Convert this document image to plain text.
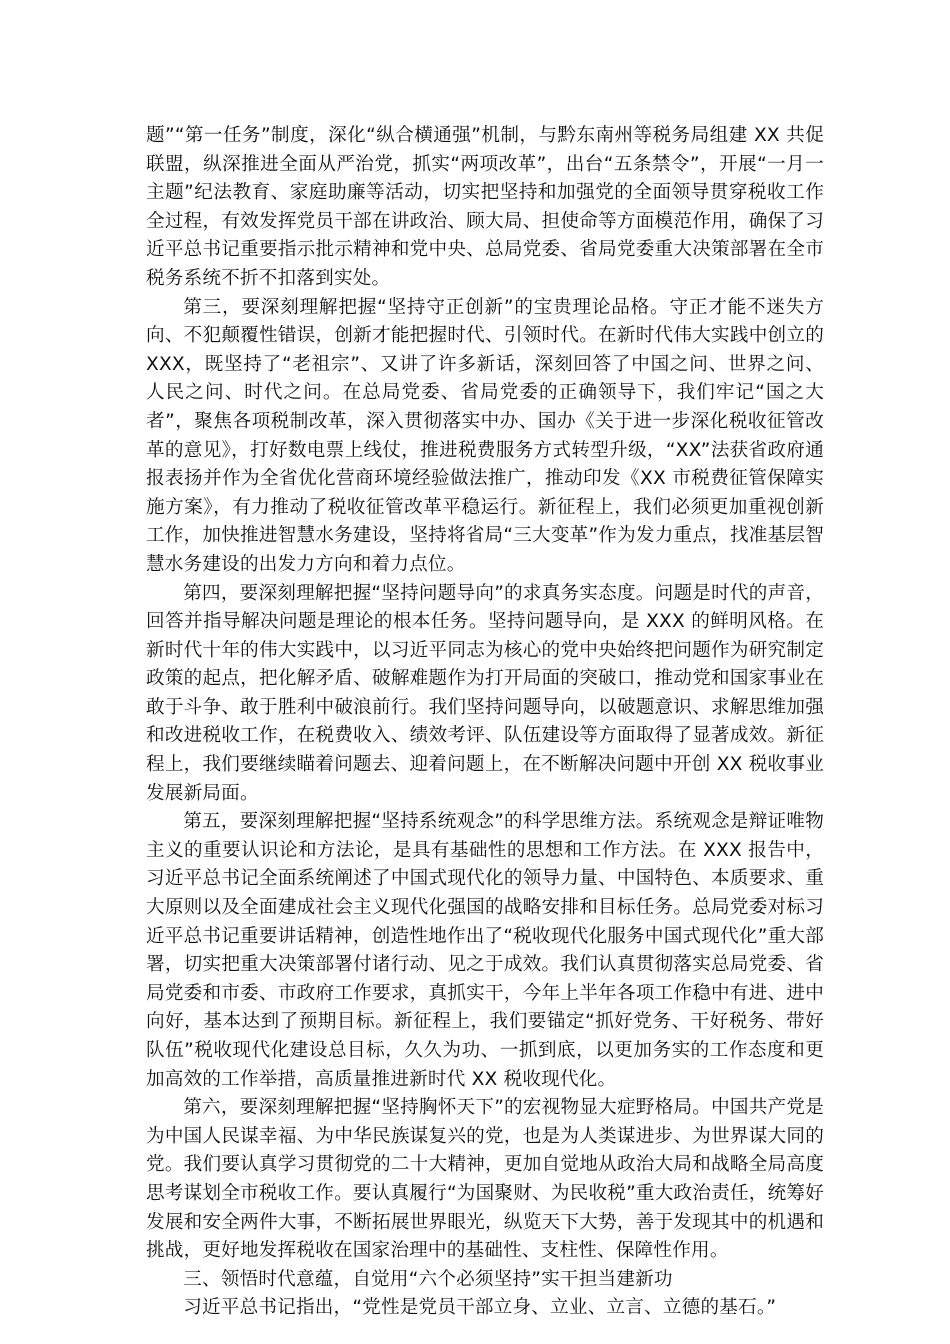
题”“第一任务”制度，深化“纵合横通强”机制，与黔东南州等税务局组建 XX 共促联盟，纵深推进全面从严治党，抓实“两项改革”，出台“五条禁令”，开展“一月一主题”纪法教育、家庭助廉等活动，切实把坚持和加强党的全面领导贯穿税收工作全过程，有效发挥党员干部在讲政治、顾大局、担使命等方面模范作用，确保了习近平总书记重要指示批示精神和党中央、总局党委、省局党委重大决策部署在全市税务系统不折不扣落到实处。

第三，要深刻理解把握“坚持守正创新”的宝贵理论品格。守正才能不迷失方向、不犯颠覆性错误，创新才能把握时代、引领时代。在新时代伟大实践中创立的 XXX，既坚持了“老祖宗”、又讲了许多新话，深刻回答了中国之问、世界之问、人民之问、时代之问。在总局党委、省局党委的正确领导下，我们牢记“国之大者”，聚焦各项税制改革，深入贯彻落实中办、国办《关于进一步深化税收征管改革的意见》，打好数电票上线仗，推进税费服务方式转型升级，“XX”法获省政府通报表扬并作为全省优化营商环境经验做法推广，推动印发《XX 市税费征管保障实施方案》，有力推动了税收征管改革平稳运行。新征程上，我们必须更加重视创新工作，加快推进智慧水务建设，坚持将省局“三大变革”作为发力重点，找准基层智慧水务建设的出发力方向和着力点位。

第四，要深刻理解把握“坚持问题导向”的求真务实态度。问题是时代的声音，回答并指导解决问题是理论的根本任务。坚持问题导向，是 XXX 的鲜明风格。在新时代十年的伟大实践中，以习近平同志为核心的党中央始终把问题作为研究制定政策的起点，把化解矛盾、破解难题作为打开局面的突破口，推动党和国家事业在敢于斗争、敢于胜利中破浪前行。我们坚持问题导向，以破题意识、求解思维加强和改进税收工作，在税费收入、绩效考评、队伍建设等方面取得了显著成效。新征程上，我们要继续瞄着问题去、迎着问题上，在不断解决问题中开创 XX 税收事业发展新局面。

第五，要深刻理解把握“坚持系统观念”的科学思维方法。系统观念是辩证唯物主义的重要认识论和方法论，是具有基础性的思想和工作方法。在 XXX 报告中，习近平总书记全面系统阐述了中国式现代化的领导力量、中国特色、本质要求、重大原则以及全面建成社会主义现代化强国的战略安排和目标任务。总局党委对标习近平总书记重要讲话精神，创造性地作出了“税收现代化服务中国式现代化”重大部署，切实把重大决策部署付诸行动、见之于成效。我们认真贯彻落实总局党委、省局党委和市委、市政府工作要求，真抓实干，今年上半年各项工作稳中有进、进中向好，基本达到了预期目标。新征程上，我们要锚定“抓好党务、干好税务、带好队伍”税收现代化建设总目标，久久为功、一抓到底，以更加务实的工作态度和更加高效的工作举措，高质量推进新时代 XX 税收现代化。

第六，要深刻理解把握“坚持胸怀天下”的宏视物显大症野格局。中国共产党是为中国人民谋幸福、为中华民族谋复兴的党，也是为人类谋进步、为世界谋大同的党。我们要认真学习贯彻党的二十大精神，更加自觉地从政治大局和战略全局高度思考谋划全市税收工作。要认真履行“为国聚财、为民收税”重大政治责任，统筹好发展和安全两件大事，不断拓展世界眼光，纵览天下大势，善于发现其中的机遇和挑战，更好地发挥税收在国家治理中的基础性、支柱性、保障性作用。

三、领悟时代意蕴，自觉用“六个必须坚持”实干担当建新功

习近平总书记指出，“党性是党员干部立身、立业、立言、立德的基石。”
